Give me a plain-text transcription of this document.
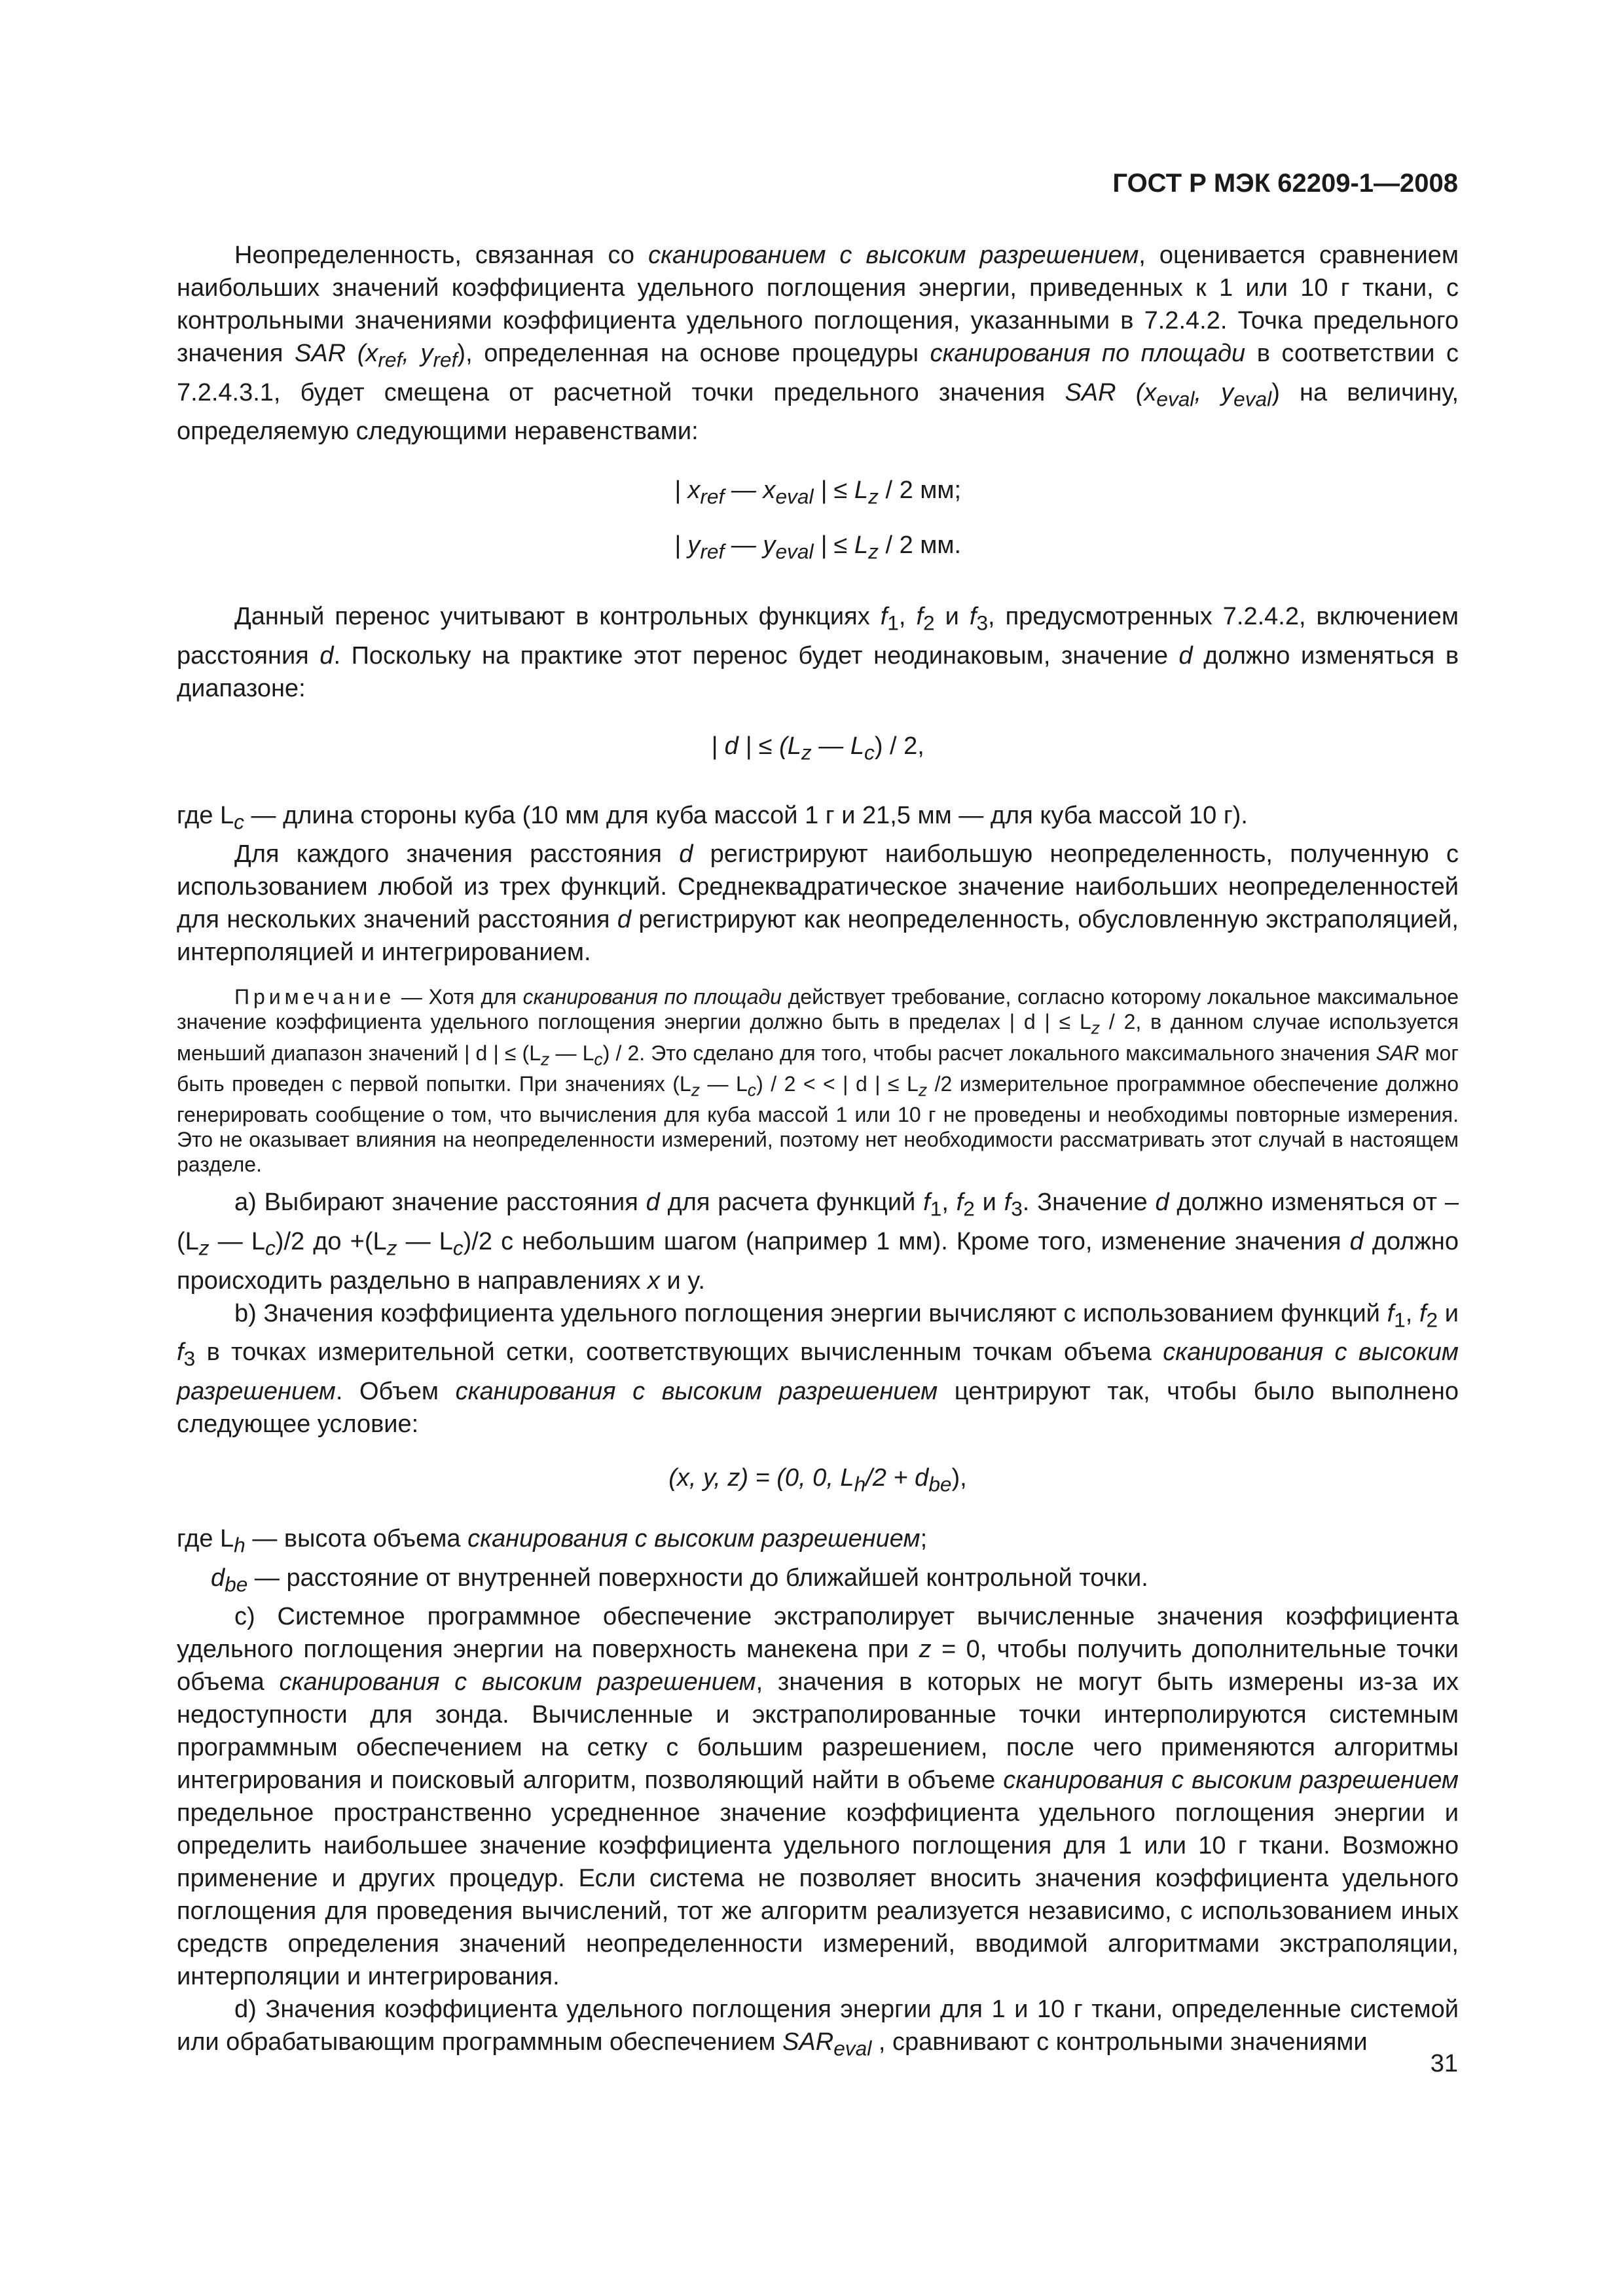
ГОСТ Р МЭК 62209-1—2008

Неопределенность, связанная со сканированием с высоким разрешением, оценивается сравнением наибольших значений коэффициента удельного поглощения энергии, приведенных к 1 или 10 г ткани, с контрольными значениями коэффициента удельного поглощения, указанными в 7.2.4.2. Точка предельного значения SAR ($x_{ref}$, $y_{ref}$), определенная на основе процедуры сканирования по площади в соответствии с 7.2.4.3.1, будет смещена от расчетной точки предельного значения SAR ($x_{eval}$, $y_{eval}$) на величину, определяемую следующими неравенствами:

| $x_{ref}$ — $x_{eval}$ | ≤ $L_z / 2$ мм;

| $y_{ref}$ — $y_{eval}$ | ≤ $L_z / 2$ мм.

Данный перенос учитывают в контрольных функциях $f_1$, $f_2$ и $f_3$, предусмотренных 7.2.4.2, включением расстояния d. Поскольку на практике этот перенос будет неодинаковым, значение d должно изменяться в диапазоне:

| d | ≤ ($L_z$ — $L_c) / 2$,

где $L_c$ — длина стороны куба (10 мм для куба массой 1 г и 21,5 мм — для куба массой 10 г).

Для каждого значения расстояния d регистрируют наибольшую неопределенность, полученную с использованием любой из трех функций. Среднеквадратическое значение наибольших неопределенностей для нескольких значений расстояния d регистрируют как неопределенность, обусловленную экстраполяцией, интерполяцией и интегрированием.

Примечание — Хотя для сканирования по площади действует требование, согласно которому локальное максимальное значение коэффициента удельного поглощения энергии должно быть в пределах | d | ≤ $L_z / 2$, в данном случае используется меньший диапазон значений | d | ≤ ($L_z$ — $L_c) / 2$. Это сделано для того, чтобы расчет локального максимального значения SAR мог быть проведен с первой попытки. При значениях ($L_z$ — $L_c) / 2$ < < | d | ≤ $L_z$ /2 измерительное программное обеспечение должно генерировать сообщение о том, что вычисления для куба массой 1 или 10 г не проведены и необходимы повторные измерения. Это не оказывает влияния на неопределенности измерений, поэтому нет необходимости рассматривать этот случай в настоящем разделе.

a) Выбирают значение расстояния d для расчета функций $f_1$, $f_2$ и $f_3$. Значение d должно изменяться от $-(L_z$ — $L_c)/2$ до $+(L_z$ — $L_c)/2$ с небольшим шагом (например 1 мм). Кроме того, изменение значения d должно происходить раздельно в направлениях x и y.

b) Значения коэффициента удельного поглощения энергии вычисляют с использованием функций $f_1$, $f_2$ и $f_3$ в точках измерительной сетки, соответствующих вычисленным точкам объема сканирования с высоким разрешением. Объем сканирования с высоким разрешением центрируют так, чтобы было выполнено следующее условие:

(x, y, z) = (0, 0, $L_h/2 + d_{be}$),

где $L_h$ — высота объема сканирования с высоким разрешением;

$d_{be}$ — расстояние от внутренней поверхности до ближайшей контрольной точки.

c) Системное программное обеспечение экстраполирует вычисленные значения коэффициента удельного поглощения энергии на поверхность манекена при z = 0, чтобы получить дополнительные точки объема сканирования с высоким разрешением, значения в которых не могут быть измерены из-за их недоступности для зонда. Вычисленные и экстраполированные точки интерполируются системным программным обеспечением на сетку с большим разрешением, после чего применяются алгоритмы интегрирования и поисковый алгоритм, позволяющий найти в объеме сканирования с высоким разрешением предельное пространственно усредненное значение коэффициента удельного поглощения энергии и определить наибольшее значение коэффициента удельного поглощения для 1 или 10 г ткани. Возможно применение и других процедур. Если система не позволяет вносить значения коэффициента удельного поглощения для проведения вычислений, тот же алгоритм реализуется независимо, с использованием иных средств определения значений неопределенности измерений, вводимой алгоритмами экстраполяции, интерполяции и интегрирования.

d) Значения коэффициента удельного поглощения энергии для 1 и 10 г ткани, определенные системой или обрабатывающим программным обеспечением $SAR_{eval}$ , сравнивают с контрольными значениями

31
